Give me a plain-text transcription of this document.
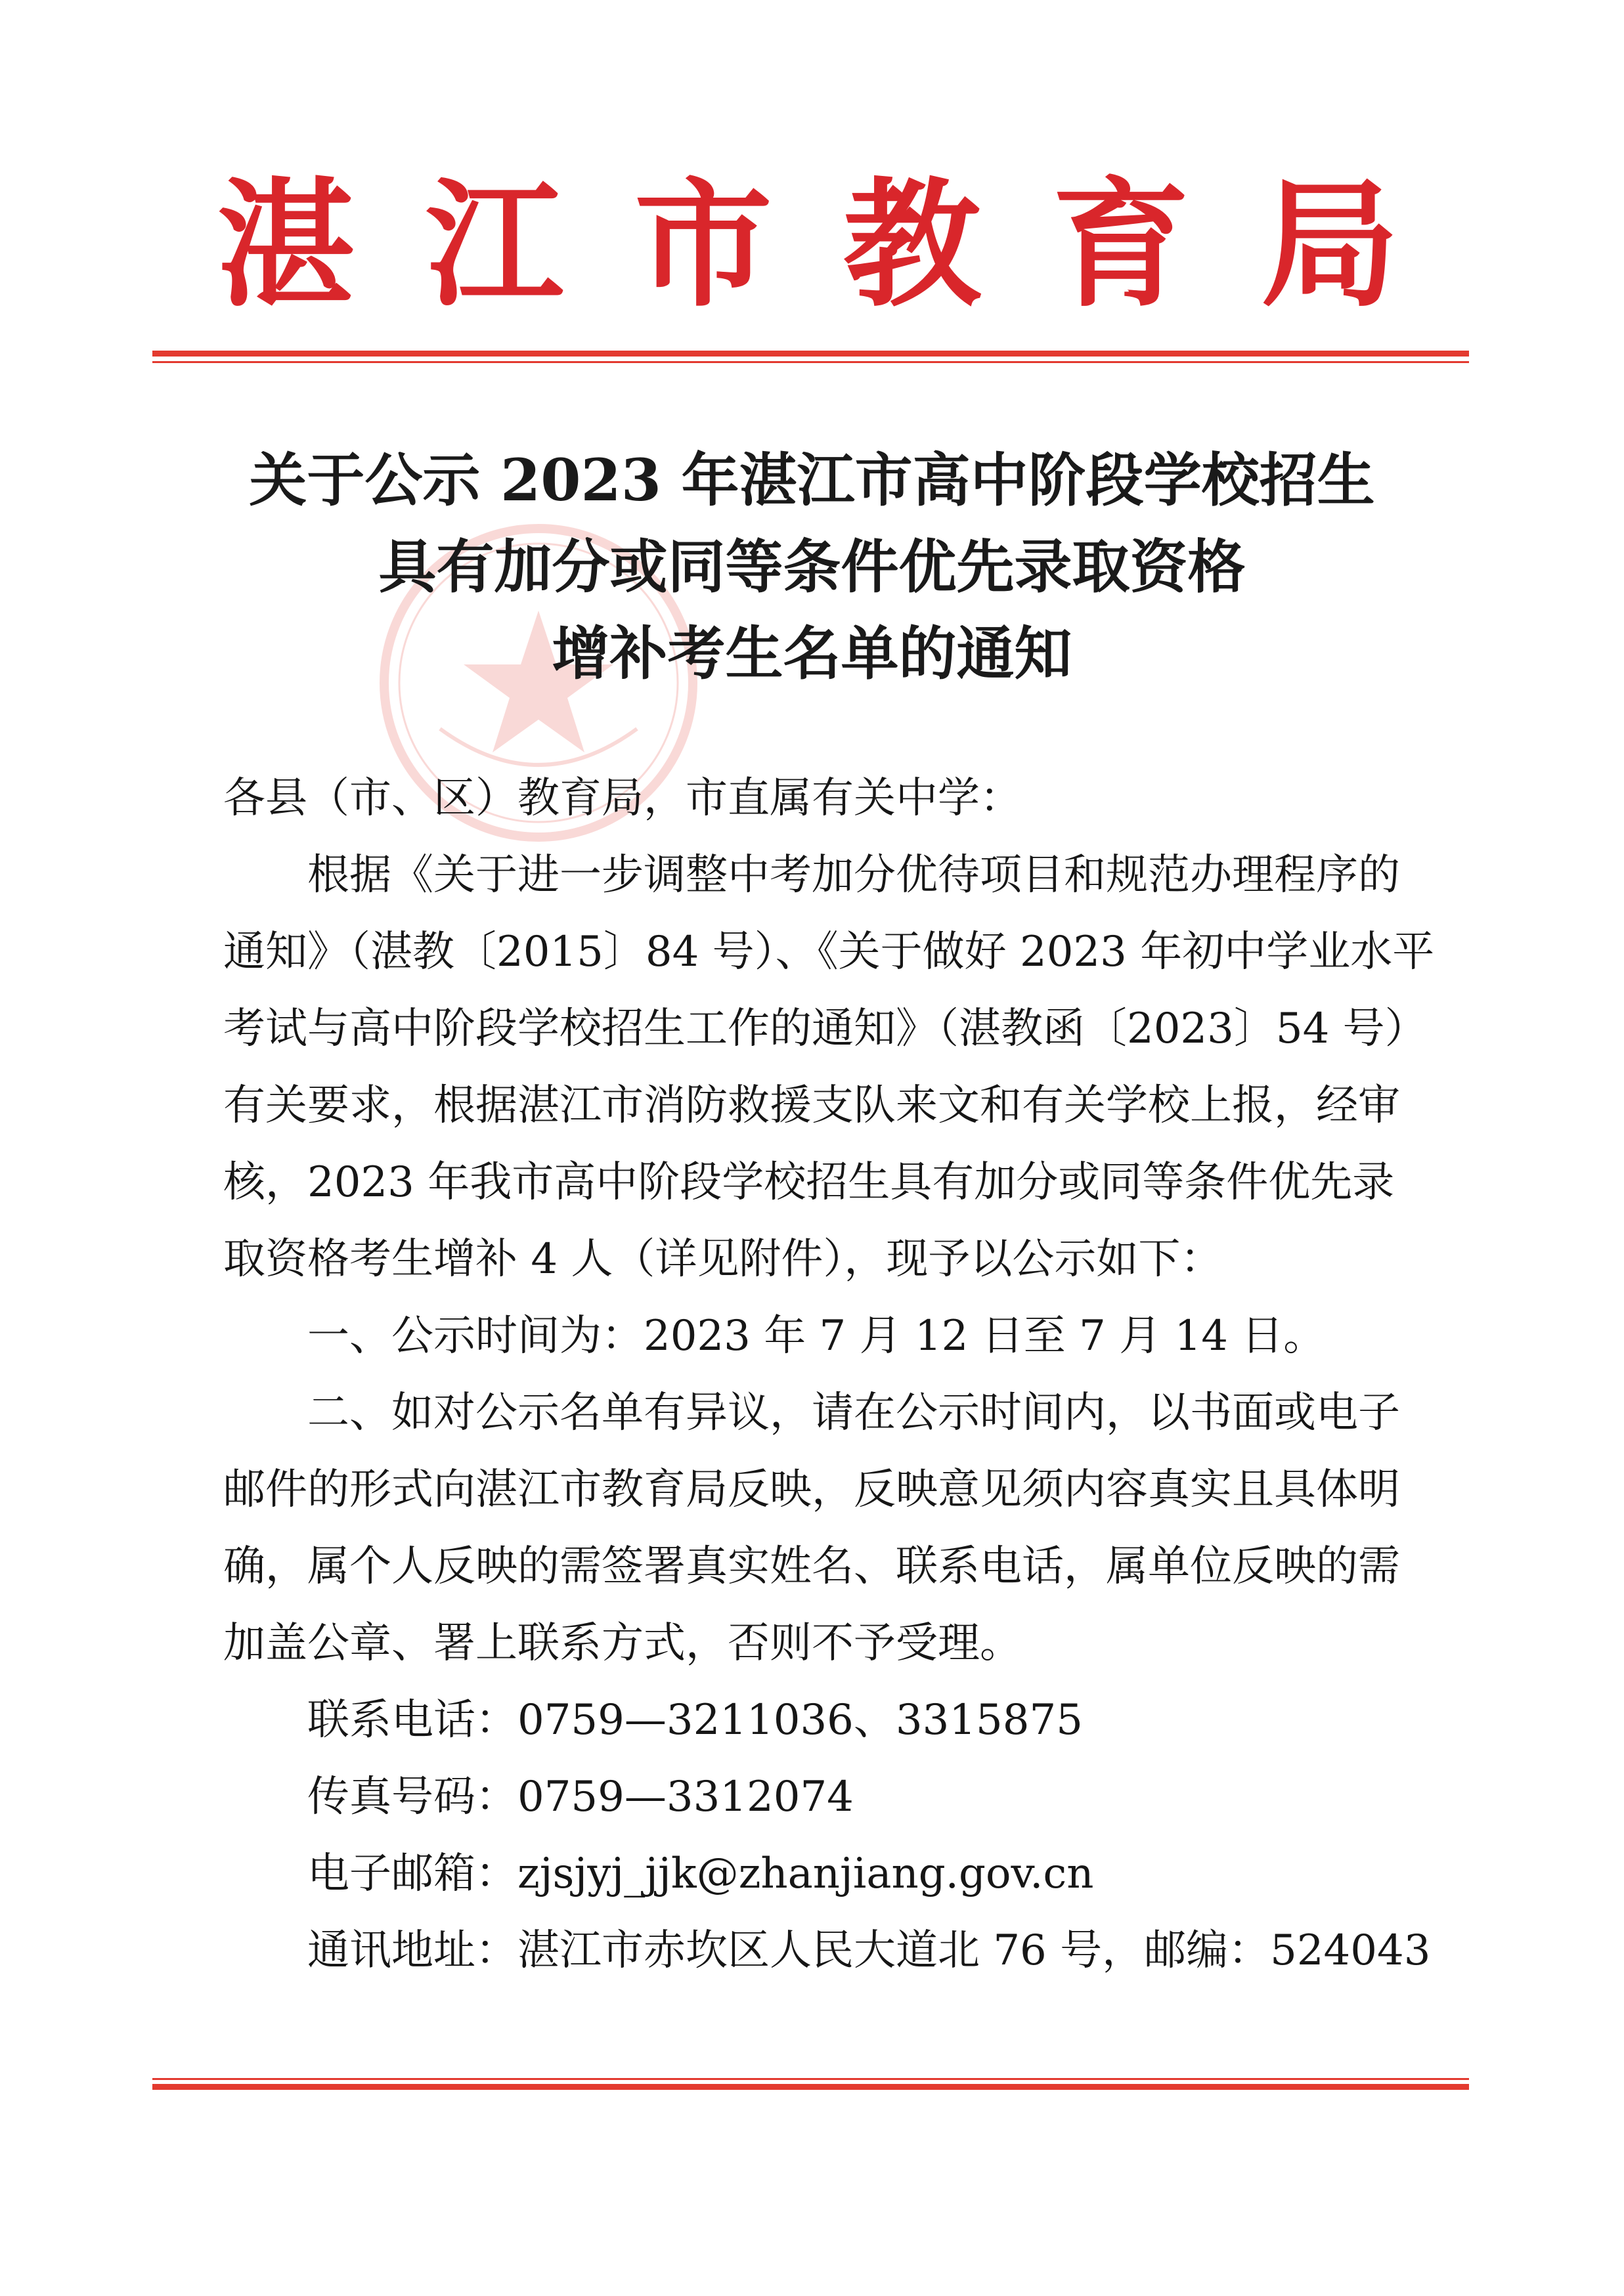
湛 江 市 教 育 局
关于公示 2023 年湛江市高中阶段学校招生
具有加分或同等条件优先录取资格
增补考生名单的通知
各县（市、区）教育局，市直属有关中学：
根据《关于进一步调整中考加分优待项目和规范办理程序的
通知》（湛教〔2015〕84 号）、《关于做好 2023 年初中学业水平
考试与高中阶段学校招生工作的通知》（湛教函〔2023〕54 号）
有关要求，根据湛江市消防救援支队来文和有关学校上报，经审
核，2023 年我市高中阶段学校招生具有加分或同等条件优先录
取资格考生增补 4 人（详见附件），现予以公示如下：
一、公示时间为：2023 年 7 月 12 日至 7 月 14 日。
二、如对公示名单有异议，请在公示时间内，以书面或电子
邮件的形式向湛江市教育局反映，反映意见须内容真实且具体明
确，属个人反映的需签署真实姓名、联系电话，属单位反映的需
加盖公章、署上联系方式，否则不予受理。
联系电话：0759—3211036、3315875
传真号码：0759—3312074
电子邮箱：zjsjyj_jjk@zhanjiang.gov.cn
通讯地址：湛江市赤坎区人民大道北 76 号，邮编：524043
